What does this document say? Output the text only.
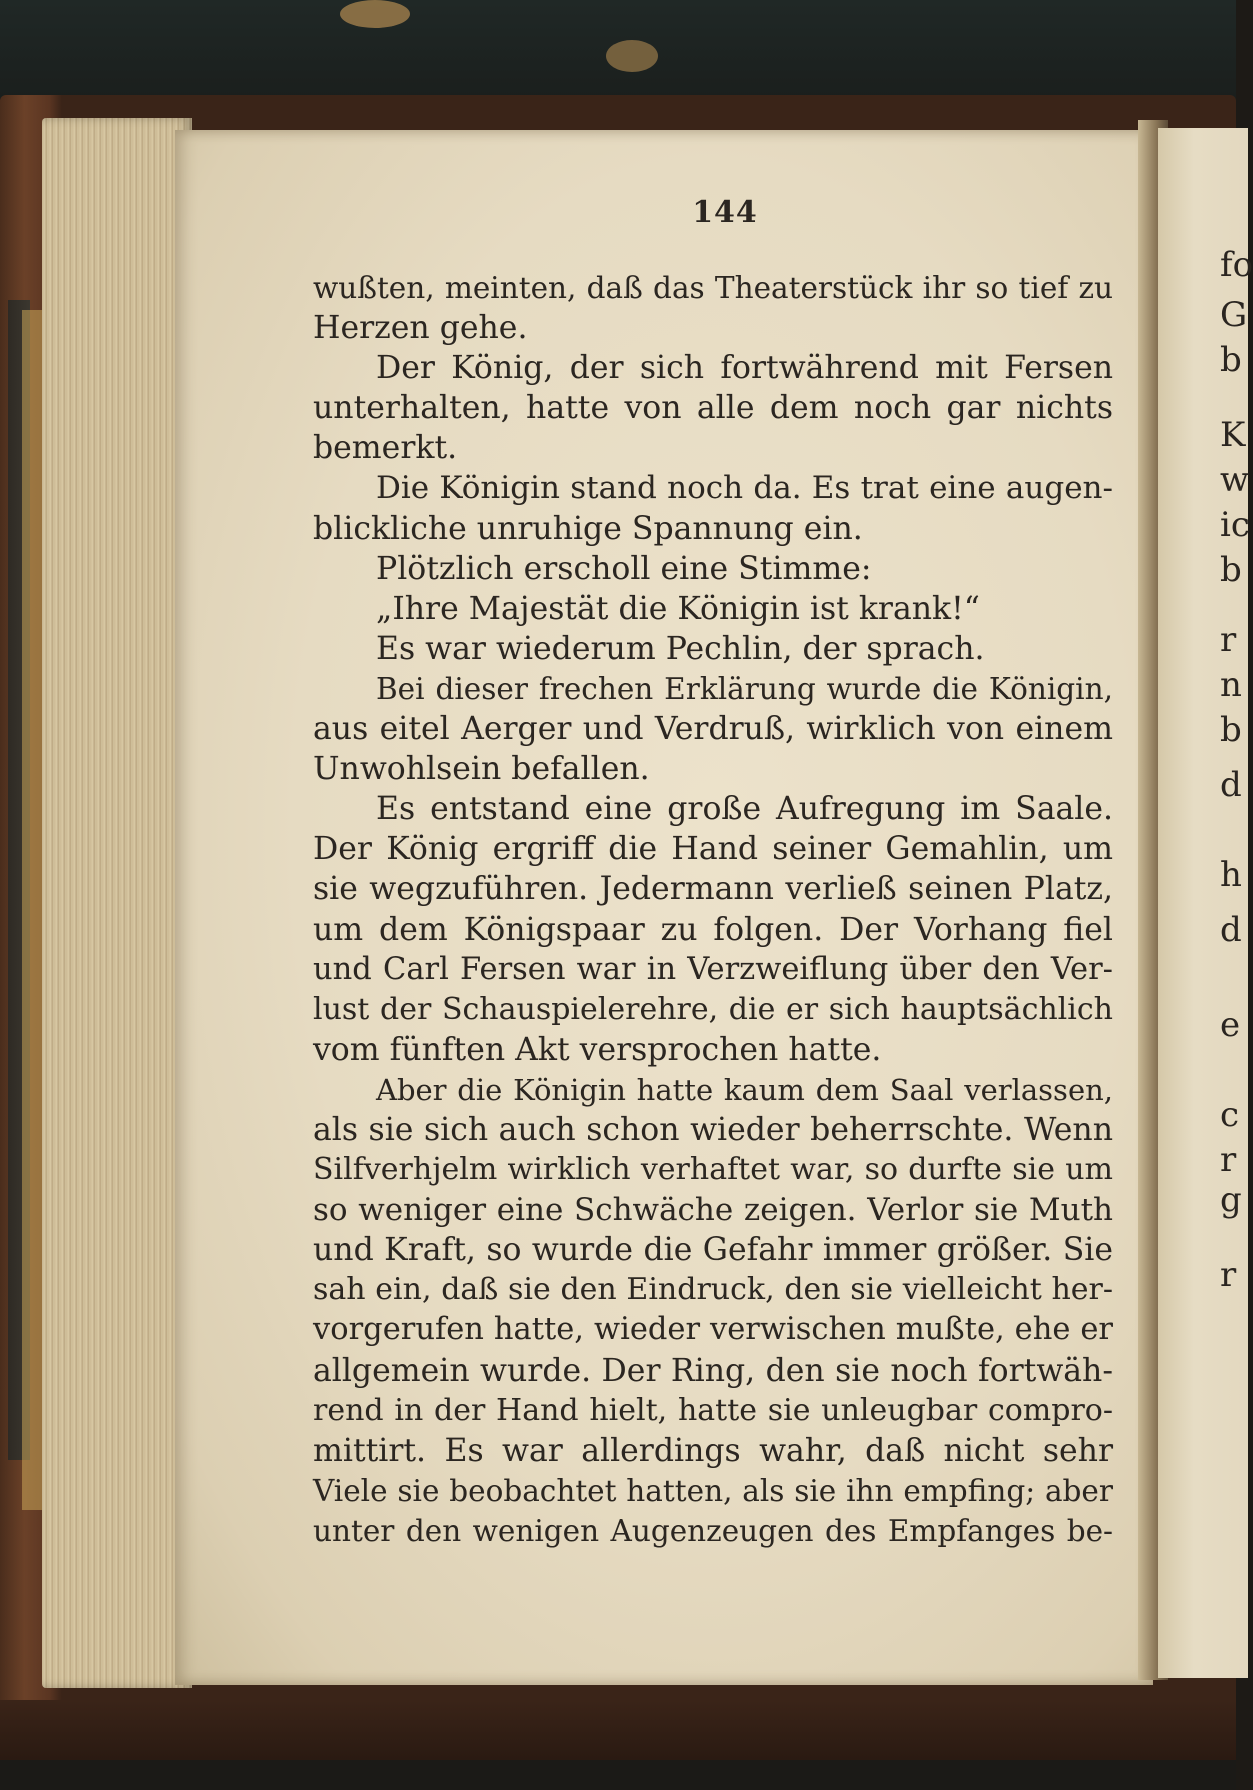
fo
G
b
K
w
ic
b
r
n
b
d
h
d
e
c
r
g
r
144
wußten, meinten, daß das Theaterstück ihr so tief zu
Herzen gehe.
Der König, der sich fortwährend mit Fersen
unterhalten, hatte von alle dem noch gar nichts
bemerkt.
Die Königin stand noch da. Es trat eine augen-
blickliche unruhige Spannung ein.
Plötzlich erscholl eine Stimme:
„Ihre Majestät die Königin ist krank!“
Es war wiederum Pechlin, der sprach.
Bei dieser frechen Erklärung wurde die Königin,
aus eitel Aerger und Verdruß, wirklich von einem
Unwohlsein befallen.
Es entstand eine große Aufregung im Saale.
Der König ergriff die Hand seiner Gemahlin, um
sie wegzuführen. Jedermann verließ seinen Platz,
um dem Königspaar zu folgen. Der Vorhang fiel
und Carl Fersen war in Verzweiflung über den Ver-
lust der Schauspielerehre, die er sich hauptsächlich
vom fünften Akt versprochen hatte.
Aber die Königin hatte kaum dem Saal verlassen,
als sie sich auch schon wieder beherrschte. Wenn
Silfverhjelm wirklich verhaftet war, so durfte sie um
so weniger eine Schwäche zeigen. Verlor sie Muth
und Kraft, so wurde die Gefahr immer größer. Sie
sah ein, daß sie den Eindruck, den sie vielleicht her-
vorgerufen hatte, wieder verwischen mußte, ehe er
allgemein wurde. Der Ring, den sie noch fortwäh-
rend in der Hand hielt, hatte sie unleugbar compro-
mittirt. Es war allerdings wahr, daß nicht sehr
Viele sie beobachtet hatten, als sie ihn empfing; aber
unter den wenigen Augenzeugen des Empfanges be-
